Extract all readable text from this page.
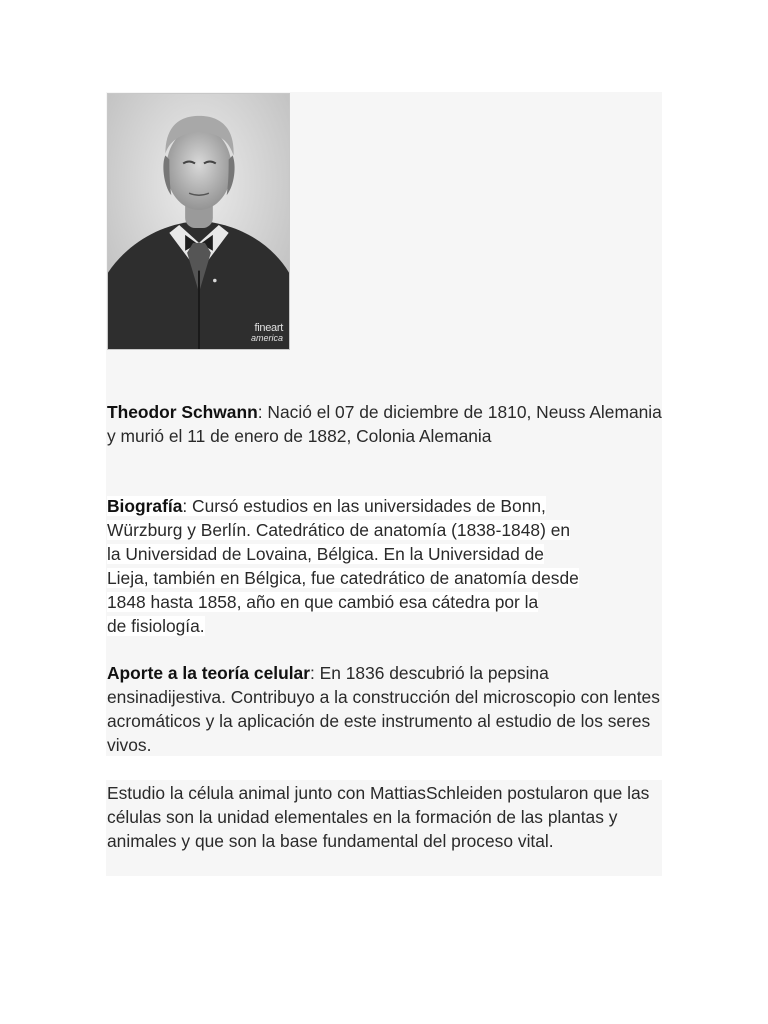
fineart
america

Theodor Schwann: Nació el 07 de diciembre de 1810, Neuss Alemania y murió el 11 de enero de 1882, Colonia Alemania

Biografía: Cursó estudios en las universidades de Bonn,
Würzburg y Berlín. Catedrático de anatomía (1838-1848) en
la Universidad de Lovaina, Bélgica. En la Universidad de
Lieja, también en Bélgica, fue catedrático de anatomía desde
1848 hasta 1858, año en que cambió esa cátedra por la
de fisiología.

Aporte a la teoría celular: En 1836 descubrió la pepsina ensinadijestiva. Contribuyo a la construcción del microscopio con lentes acromáticos y la aplicación de este instrumento al estudio de los seres vivos.

Estudio la célula animal junto con MattiasSchleiden postularon que las células son la unidad elementales en la formación de las plantas y animales y que son la base fundamental del proceso vital.
